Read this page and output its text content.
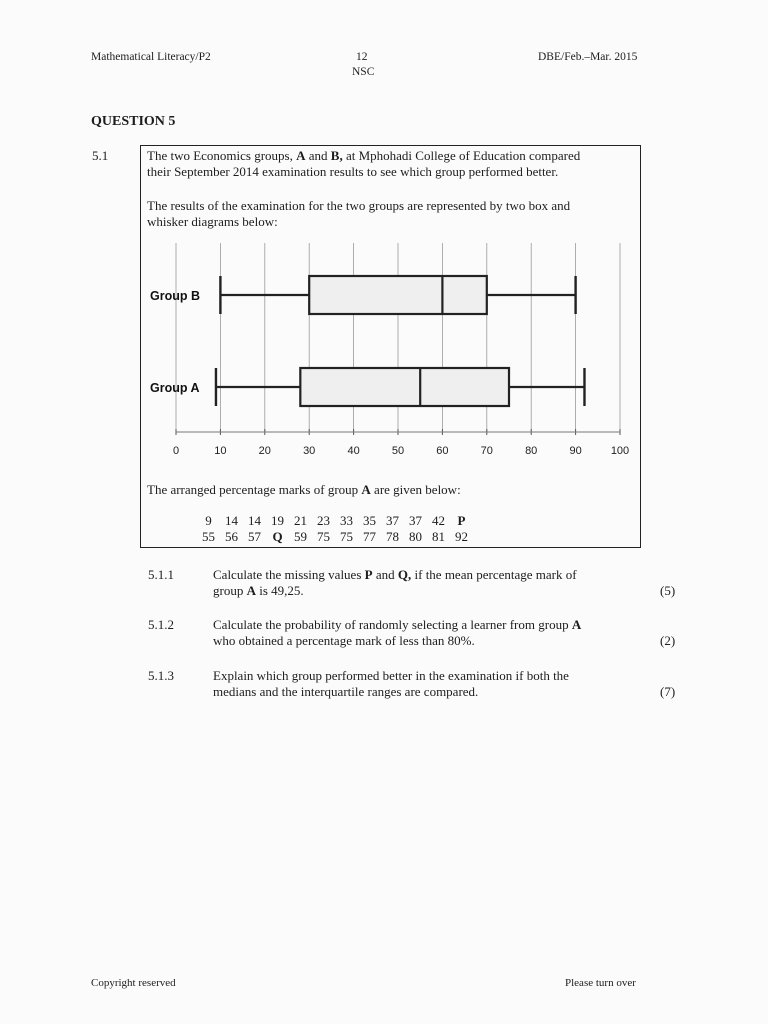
Mathematical Literacy/P2	12
NSC
DBE/Feb.–Mar. 2015
QUESTION 5
5.1	The two Economics groups, A and B, at Mphohadi College of Education compared
their September 2014 examination results to see which group performed better.
The results of the examination for the two groups are represented by two box and
whisker diagrams below:
0	10	20	30	40	50	60	70	80	90	100
Group B
Group A
The arranged percentage marks of group A are given below:
9	14	14	19	21	23	33	35	37	37	42	P
55	56	57	Q	59	75	75	77	78	80	81	92
5.1.1	Calculate the missing values P and Q, if the mean percentage mark of
group A is 49,25.	(5)
5.1.2	Calculate the probability of randomly selecting a learner from group A
who obtained a percentage mark of less than 80%.	(2)
5.1.3	Explain which group performed better in the examination if both the
medians and the interquartile ranges are compared.	(7)
Copyright reserved	Please turn over
